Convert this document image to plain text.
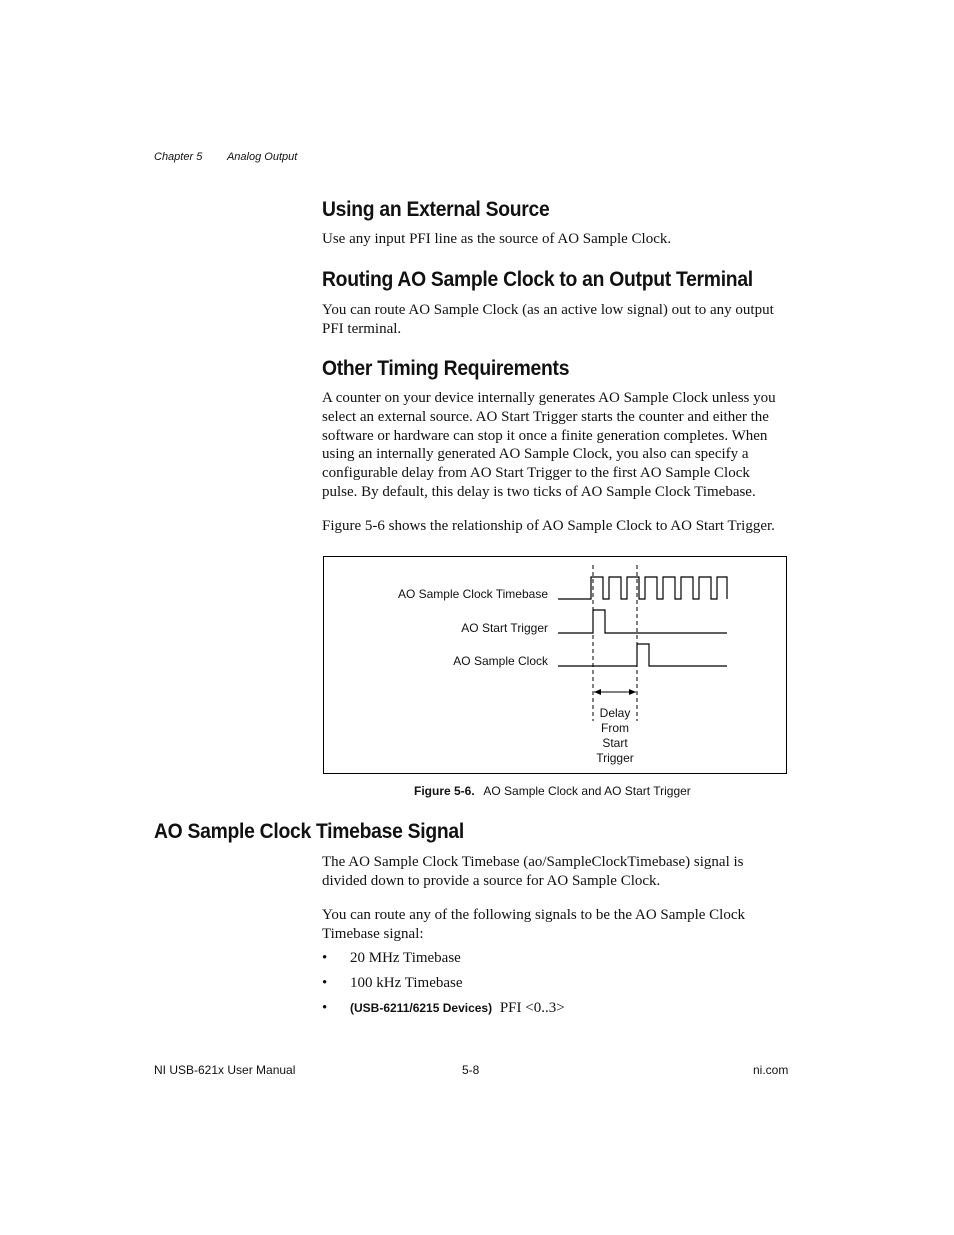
Chapter 5 Analog Output
Using an External Source

Use any input PFI line as the source of AO Sample Clock.

Routing AO Sample Clock to an Output Terminal

You can route AO Sample Clock (as an active low signal) out to any output PFI terminal.

Other Timing Requirements

A counter on your device internally generates AO Sample Clock unless you select an external source. AO Start Trigger starts the counter and either the software or hardware can stop it once a finite generation completes. When using an internally generated AO Sample Clock, you also can specify a configurable delay from AO Start Trigger to the first AO Sample Clock pulse. By default, this delay is two ticks of AO Sample Clock Timebase.

Figure 5-6 shows the relationship of AO Sample Clock to AO Start Trigger.

AO Sample Clock Timebase
AO Start Trigger
AO Sample Clock
Delay
From
Start
Trigger
Figure 5-6. AO Sample Clock and AO Start Trigger
AO Sample Clock Timebase Signal

The AO Sample Clock Timebase (ao/SampleClockTimebase) signal is divided down to provide a source for AO Sample Clock.

You can route any of the following signals to be the AO Sample Clock Timebase signal:

• 20 MHz Timebase
• 100 kHz Timebase
• (USB-6211/6215 Devices) PFI <0..3>
NI USB-621x User Manual	5-8	ni.com
